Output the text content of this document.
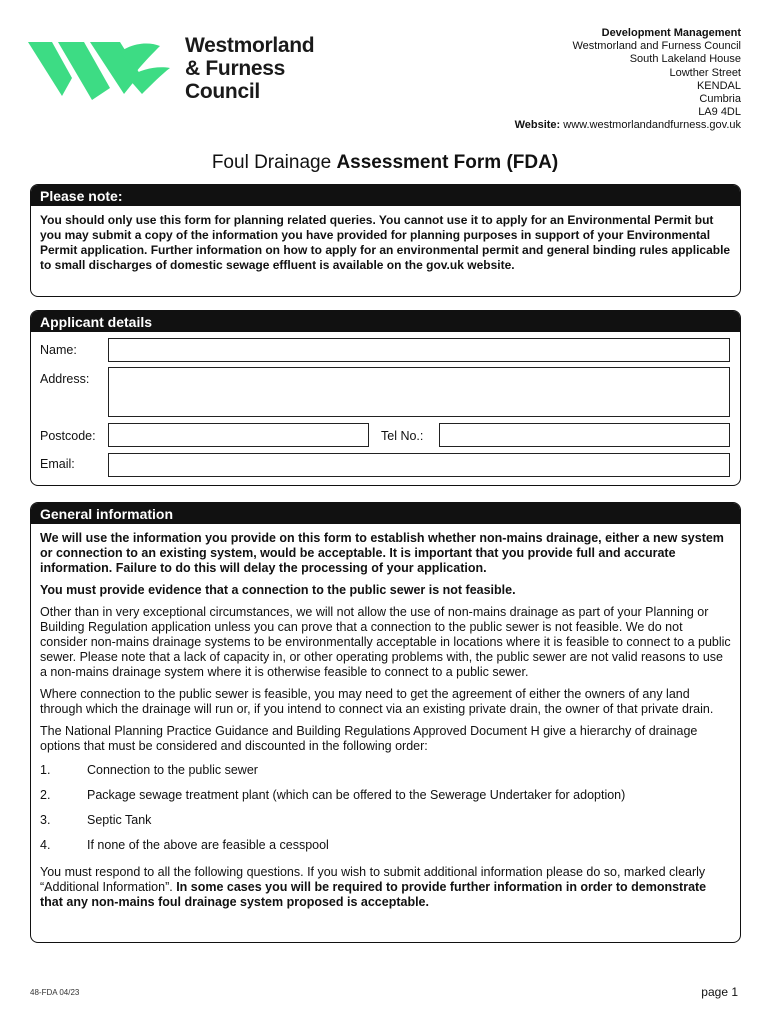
Westmorland
& Furness
Council
Development Management
Westmorland and Furness Council
South Lakeland House
Lowther Street
KENDAL
Cumbria
LA9 4DL
Website: www.westmorlandandfurness.gov.uk
Foul Drainage Assessment Form (FDA)
Please note:
You should only use this form for planning related queries. You cannot use it to apply for an Environmental Permit but you may submit a copy of the information you have provided for planning purposes in support of your Environmental Permit application. Further information on how to apply for an environmental permit and general binding rules applicable to small discharges of domestic sewage effluent is available on the gov.uk website.
Applicant details
Name:
Address:
Postcode:	Tel No.:
Email:
General information

We will use the information you provide on this form to establish whether non-mains drainage, either a new system or connection to an existing system, would be acceptable. It is important that you provide full and accurate information. Failure to do this will delay the processing of your application.

You must provide evidence that a connection to the public sewer is not feasible.

Other than in very exceptional circumstances, we will not allow the use of non-mains drainage as part of your Planning or Building Regulation application unless you can prove that a connection to the public sewer is not feasible. We do not consider non-mains drainage systems to be environmentally acceptable in locations where it is feasible to connect to a public sewer. Please note that a lack of capacity in, or other operating problems with, the public sewer are not valid reasons to use a non-mains drainage system where it is otherwise feasible to connect to a public sewer.

Where connection to the public sewer is feasible, you may need to get the agreement of either the owners of any land through which the drainage will run or, if you intend to connect via an existing private drain, the owner of that private drain.

The National Planning Practice Guidance and Building Regulations Approved Document H give a hierarchy of drainage options that must be considered and discounted in the following order:

1.	Connection to the public sewer
2.	Package sewage treatment plant (which can be offered to the Sewerage Undertaker for adoption)
3.	Septic Tank
4.	If none of the above are feasible a cesspool

You must respond to all the following questions. If you wish to submit additional information please do so, marked clearly “Additional Information”. In some cases you will be required to provide further information in order to demonstrate that any non-mains foul drainage system proposed is acceptable.

48-FDA 04/23	page 1
